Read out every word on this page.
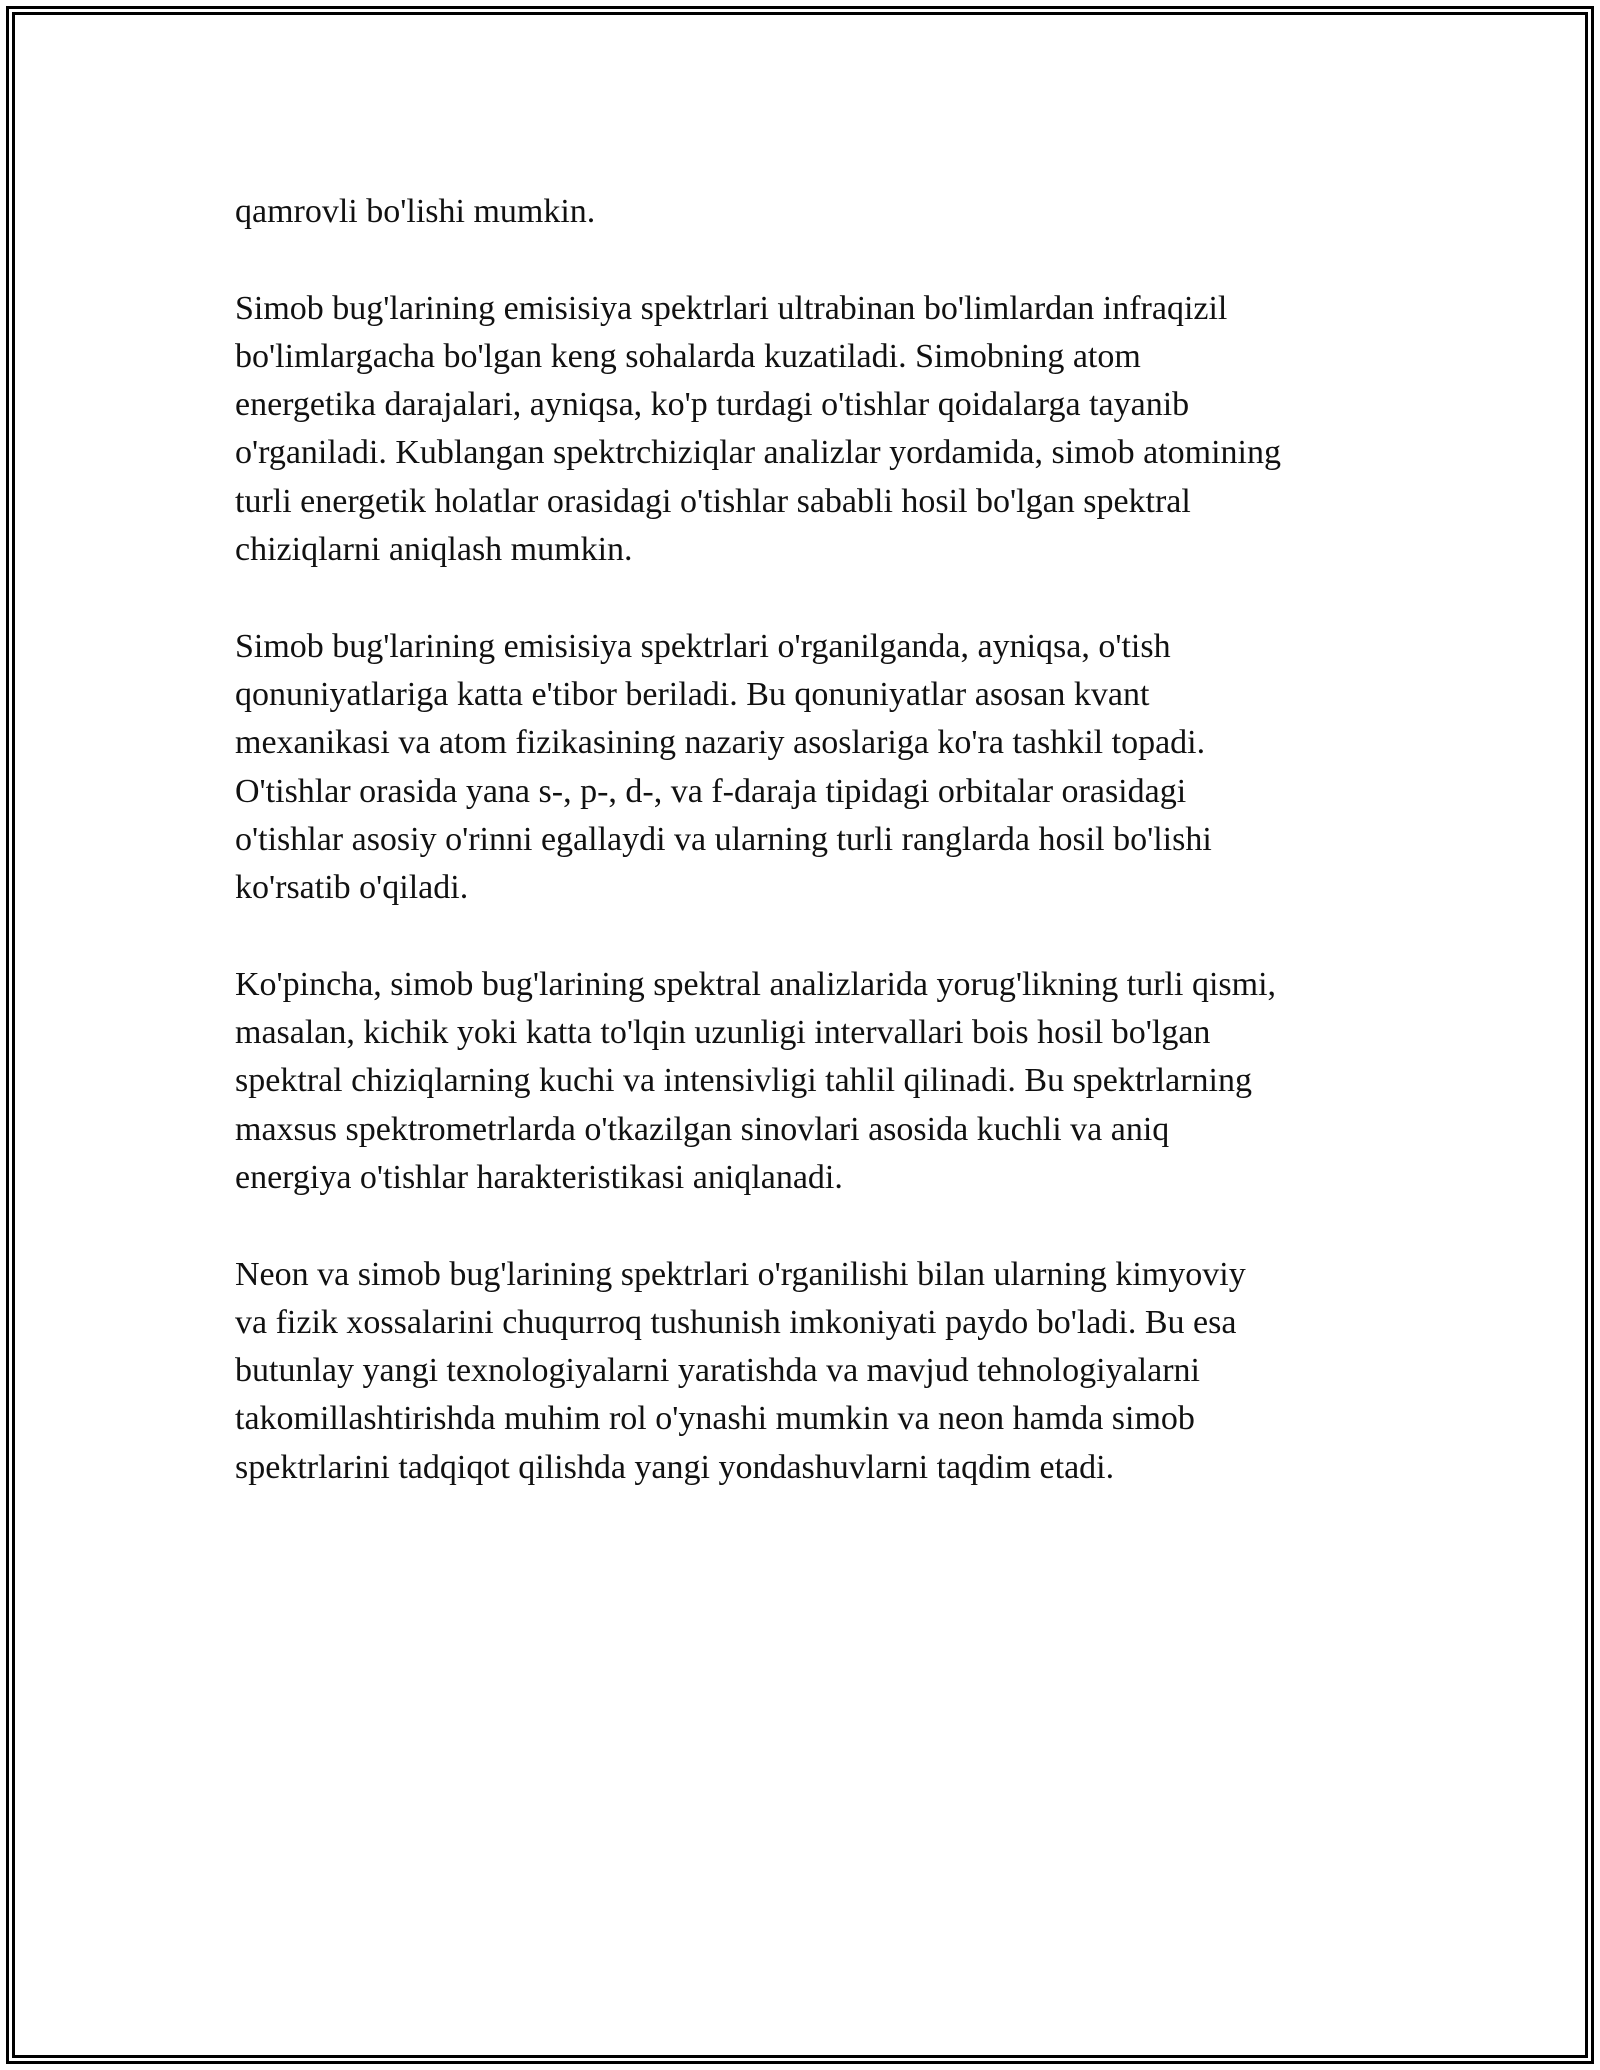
qamrovli bo'lishi mumkin.

Simob bug'larining emisisiya spektrlari ultrabinan bo'limlardan infraqizil
bo'limlargacha bo'lgan keng sohalarda kuzatiladi. Simobning atom
energetika darajalari, ayniqsa, ko'p turdagi o'tishlar qoidalarga tayanib
o'rganiladi. Kublangan spektrchiziqlar analizlar yordamida, simob atomining
turli energetik holatlar orasidagi o'tishlar sababli hosil bo'lgan spektral
chiziqlarni aniqlash mumkin.

Simob bug'larining emisisiya spektrlari o'rganilganda, ayniqsa, o'tish
qonuniyatlariga katta e'tibor beriladi. Bu qonuniyatlar asosan kvant
mexanikasi va atom fizikasining nazariy asoslariga ko'ra tashkil topadi.
O'tishlar orasida yana s-, p-, d-, va f-daraja tipidagi orbitalar orasidagi
o'tishlar asosiy o'rinni egallaydi va ularning turli ranglarda hosil bo'lishi
ko'rsatib o'qiladi.

Ko'pincha, simob bug'larining spektral analizlarida yorug'likning turli qismi,
masalan, kichik yoki katta to'lqin uzunligi intervallari bois hosil bo'lgan
spektral chiziqlarning kuchi va intensivligi tahlil qilinadi. Bu spektrlarning
maxsus spektrometrlarda o'tkazilgan sinovlari asosida kuchli va aniq
energiya o'tishlar harakteristikasi aniqlanadi.

Neon va simob bug'larining spektrlari o'rganilishi bilan ularning kimyoviy
va fizik xossalarini chuqurroq tushunish imkoniyati paydo bo'ladi. Bu esa
butunlay yangi texnologiyalarni yaratishda va mavjud tehnologiyalarni
takomillashtirishda muhim rol o'ynashi mumkin va neon hamda simob
spektrlarini tadqiqot qilishda yangi yondashuvlarni taqdim etadi.
